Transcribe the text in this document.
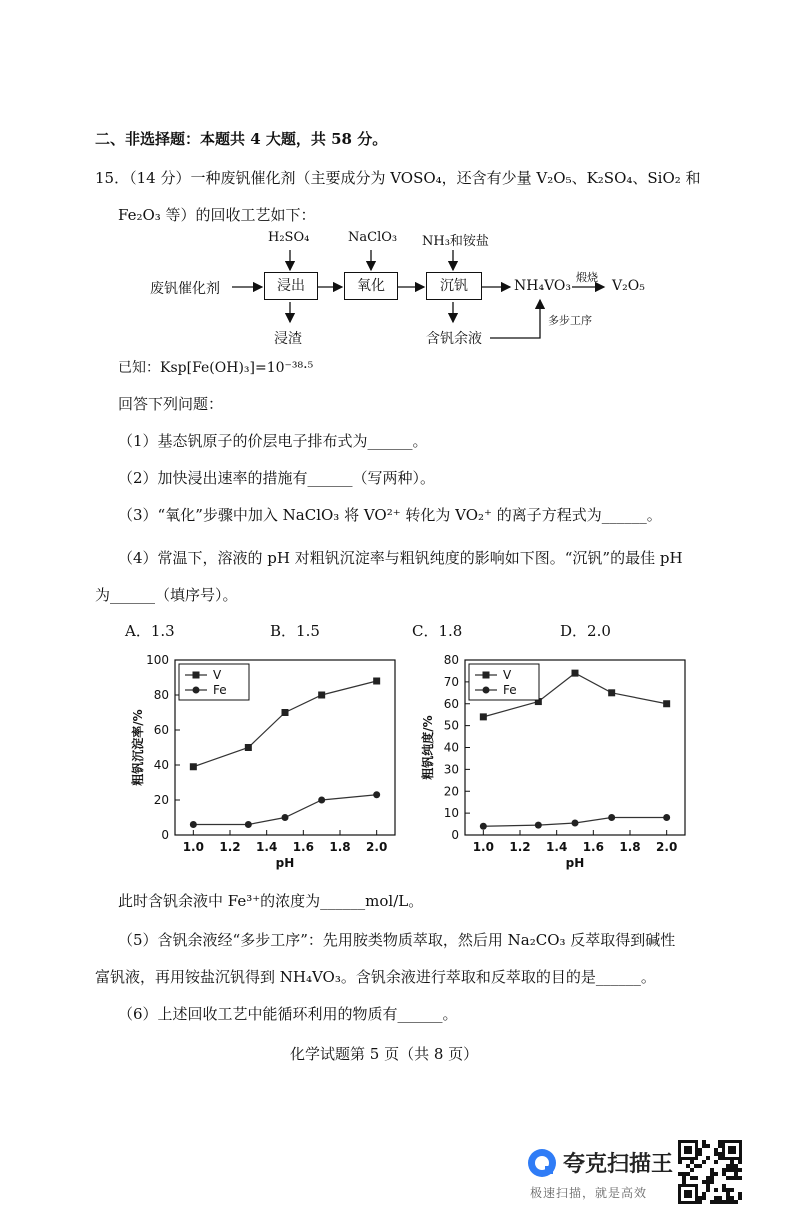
二、非选择题：本题共 4 大题，共 58 分。
15．（14 分）一种废钒催化剂（主要成分为 VOSO₄，还含有少量 V₂O₅、K₂SO₄、SiO₂ 和
Fe₂O₃ 等）的回收工艺如下：
H₂SO₄	NaClO₃ NH₃和铵盐
废钒催化剂	浸出	氧化	沉钒	NH₄VO₃
煅烧
V₂O₅
浸渣	含钒余液
多步工序
已知：Ksp[Fe(OH)₃]=10⁻³⁸·⁵
回答下列问题：
（1）基态钒原子的价层电子排布式为______。
（2）加快浸出速率的措施有______（写两种）。
（3）“氧化”步骤中加入 NaClO₃ 将 VO²⁺ 转化为 VO₂⁺ 的离子方程式为______。
（4）常温下，溶液的 pH 对粗钒沉淀率与粗钒纯度的影响如下图。“沉钒”的最佳 pH
为______（填序号）。
A．1.3	B．1.5	C．1.8	D．2.0
0
20
40
60
80
100
1.0 1.2 1.4 1.6 1.8 2.0
pH
粗钒沉淀率/%
V
Fe
0
10
20
30
40
50
60
70
80
1.0 1.2 1.4 1.6 1.8 2.0
pH
粗钒纯度/%
V
Fe
此时含钒余液中 Fe³⁺的浓度为______mol/L。
（5）含钒余液经“多步工序”：先用胺类物质萃取，然后用 Na₂CO₃ 反萃取得到碱性
富钒液，再用铵盐沉钒得到 NH₄VO₃。含钒余液进行萃取和反萃取的目的是______。
（6）上述回收工艺中能循环利用的物质有______。
化学试题第 5 页（共 8 页）
夸克扫描王
极速扫描，就是高效
